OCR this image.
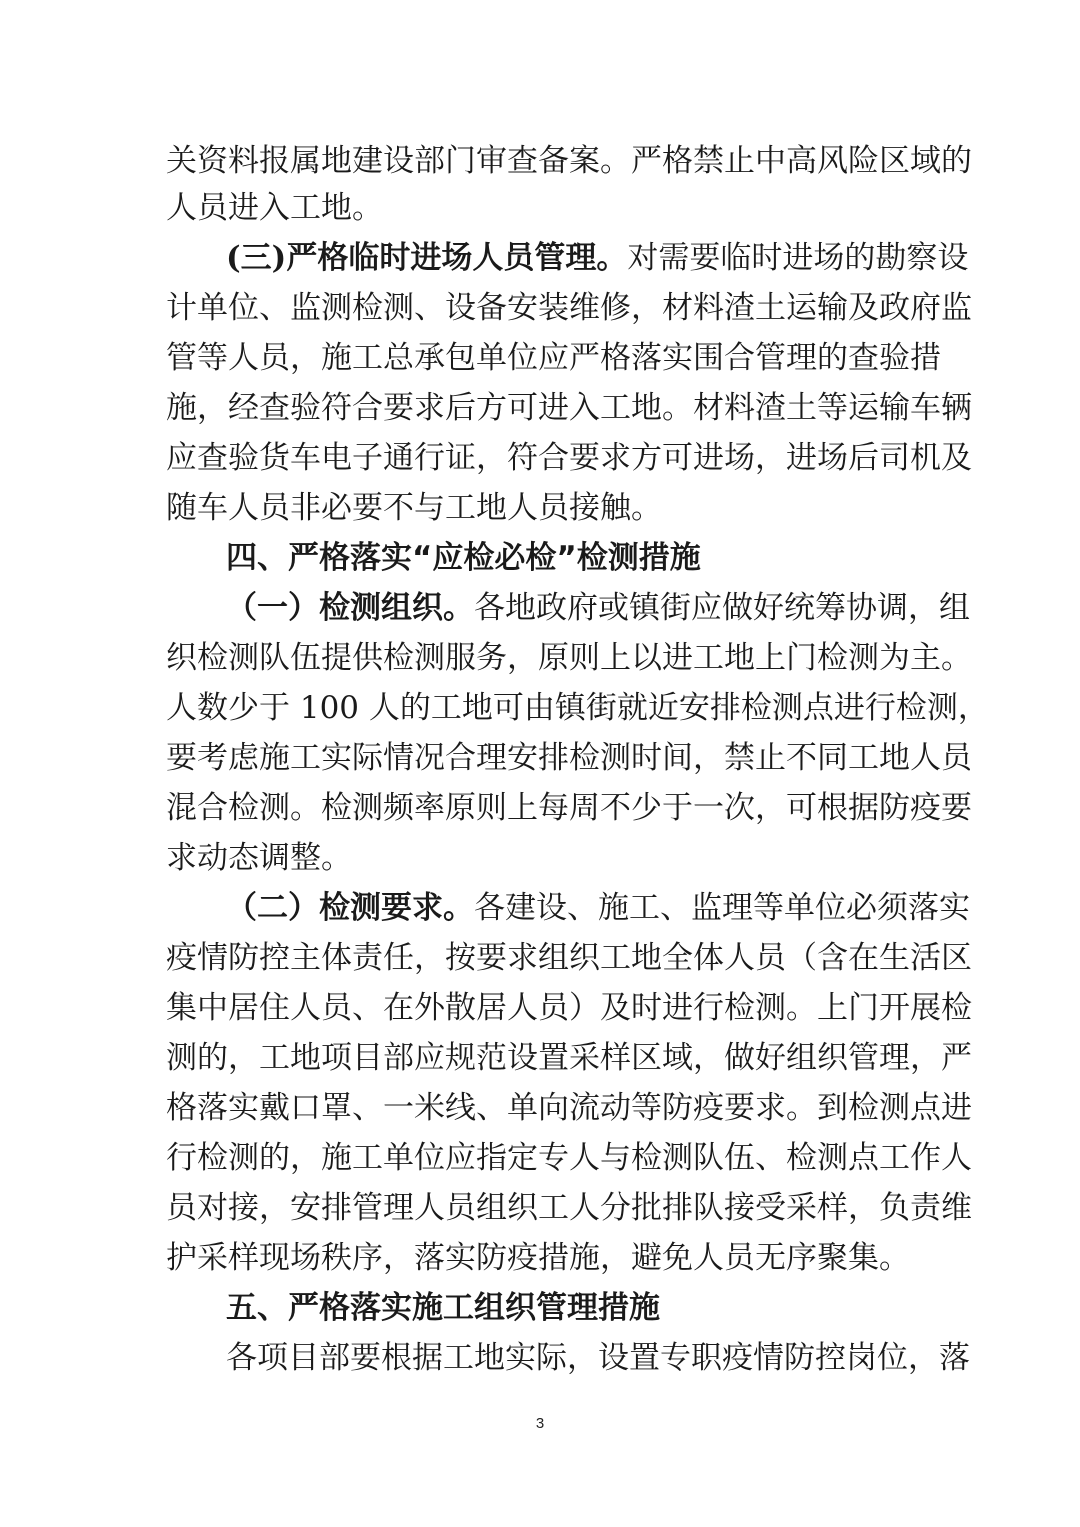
关资料报属地建设部门审查备案。严格禁止中高风险区域的
人员进入工地。
(三)严格临时进场人员管理。对需要临时进场的勘察设
计单位、监测检测、设备安装维修，材料渣土运输及政府监
管等人员，施工总承包单位应严格落实围合管理的查验措
施，经查验符合要求后方可进入工地。材料渣土等运输车辆
应查验货车电子通行证，符合要求方可进场，进场后司机及
随车人员非必要不与工地人员接触。
四、严格落实“应检必检”检测措施
（一）检测组织。各地政府或镇街应做好统筹协调，组
织检测队伍提供检测服务，原则上以进工地上门检测为主。
人数少于 100 人的工地可由镇街就近安排检测点进行检测，
要考虑施工实际情况合理安排检测时间，禁止不同工地人员
混合检测。检测频率原则上每周不少于一次，可根据防疫要
求动态调整。
（二）检测要求。各建设、施工、监理等单位必须落实
疫情防控主体责任，按要求组织工地全体人员（含在生活区
集中居住人员、在外散居人员）及时进行检测。上门开展检
测的，工地项目部应规范设置采样区域，做好组织管理，严
格落实戴口罩、一米线、单向流动等防疫要求。到检测点进
行检测的，施工单位应指定专人与检测队伍、检测点工作人
员对接，安排管理人员组织工人分批排队接受采样，负责维
护采样现场秩序，落实防疫措施，避免人员无序聚集。
五、严格落实施工组织管理措施
各项目部要根据工地实际，设置专职疫情防控岗位，落
3
